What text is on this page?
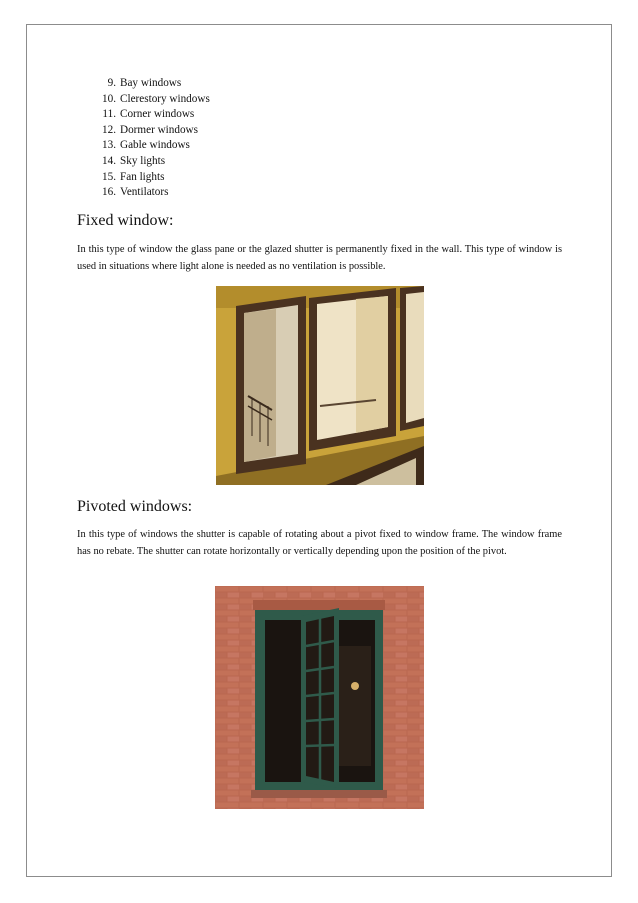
9. Bay windows
10. Clerestory windows
11. Corner windows
12. Dormer windows
13. Gable windows
14. Sky lights
15. Fan lights
16. Ventilators
Fixed window:

In this type of window the glass pane or the glazed shutter is permanently fixed in the wall. This type of window is used in situations where light alone is needed as no ventilation is possible.

Pivoted windows:

In this type of windows the shutter is capable of rotating about a pivot fixed to window frame. The window frame has no rebate. The shutter can rotate horizontally or vertically depending upon the position of the pivot.
